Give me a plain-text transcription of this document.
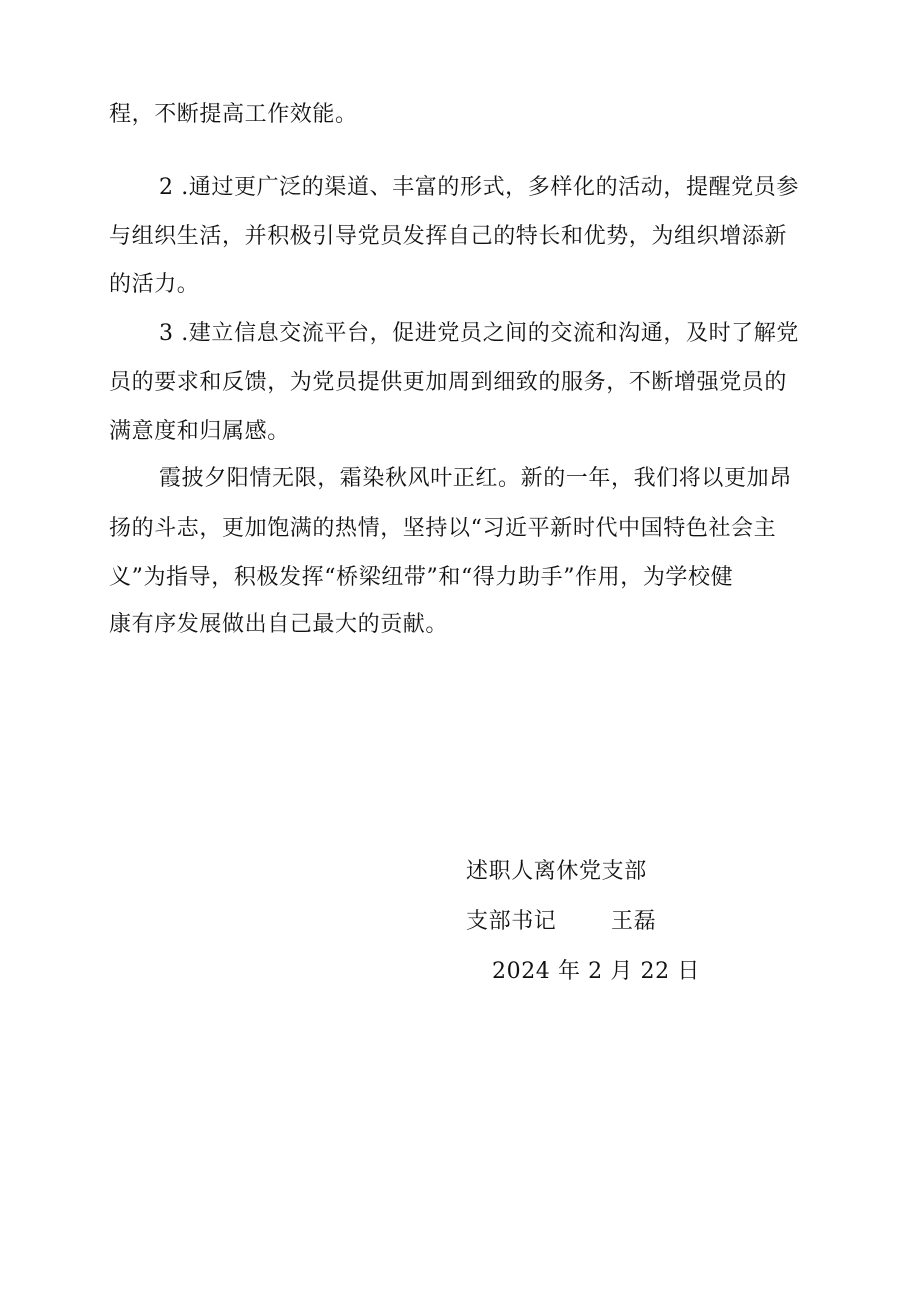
程，不断提高工作效能。
2 .通过更广泛的渠道、丰富的形式，多样化的活动，提醒党员参
与组织生活，并积极引导党员发挥自己的特长和优势，为组织增添新
的活力。
3 .建立信息交流平台，促进党员之间的交流和沟通，及时了解党
员的要求和反馈，为党员提供更加周到细致的服务，不断增强党员的
满意度和归属感。
霞披夕阳情无限，霜染秋风叶正红。新的一年，我们将以更加昂
扬的斗志，更加饱满的热情，坚持以“习近平新时代中国特色社会主
义”为指导，积极发挥“桥梁纽带”和“得力助手”作用，为学校健
康有序发展做出自己最大的贡献。
述职人离休党支部
支部书记 王磊
2024 年 2 月 22 日
